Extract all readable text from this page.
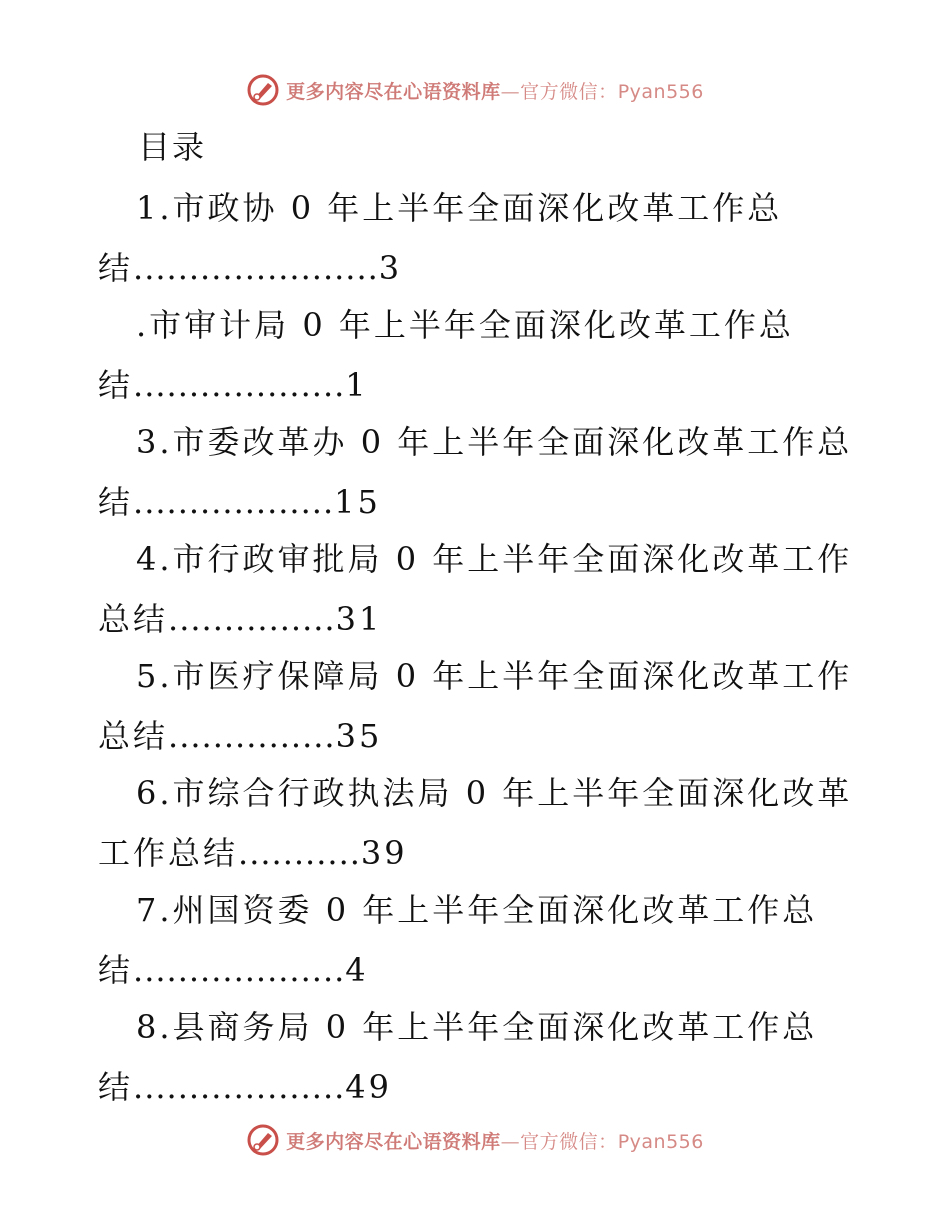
更多内容尽在心语资料库—官方微信：Pyan556
目录
1.市政协 0 年上半年全面深化改革工作总
结......................3
.市审计局 0 年上半年全面深化改革工作总
结...................1
3.市委改革办 0 年上半年全面深化改革工作总
结..................15
4.市行政审批局 0 年上半年全面深化改革工作
总结...............31
5.市医疗保障局 0 年上半年全面深化改革工作
总结...............35
6.市综合行政执法局 0 年上半年全面深化改革
工作总结...........39
7.州国资委 0 年上半年全面深化改革工作总
结...................4
8.县商务局 0 年上半年全面深化改革工作总
结...................49
更多内容尽在心语资料库—官方微信：Pyan556
